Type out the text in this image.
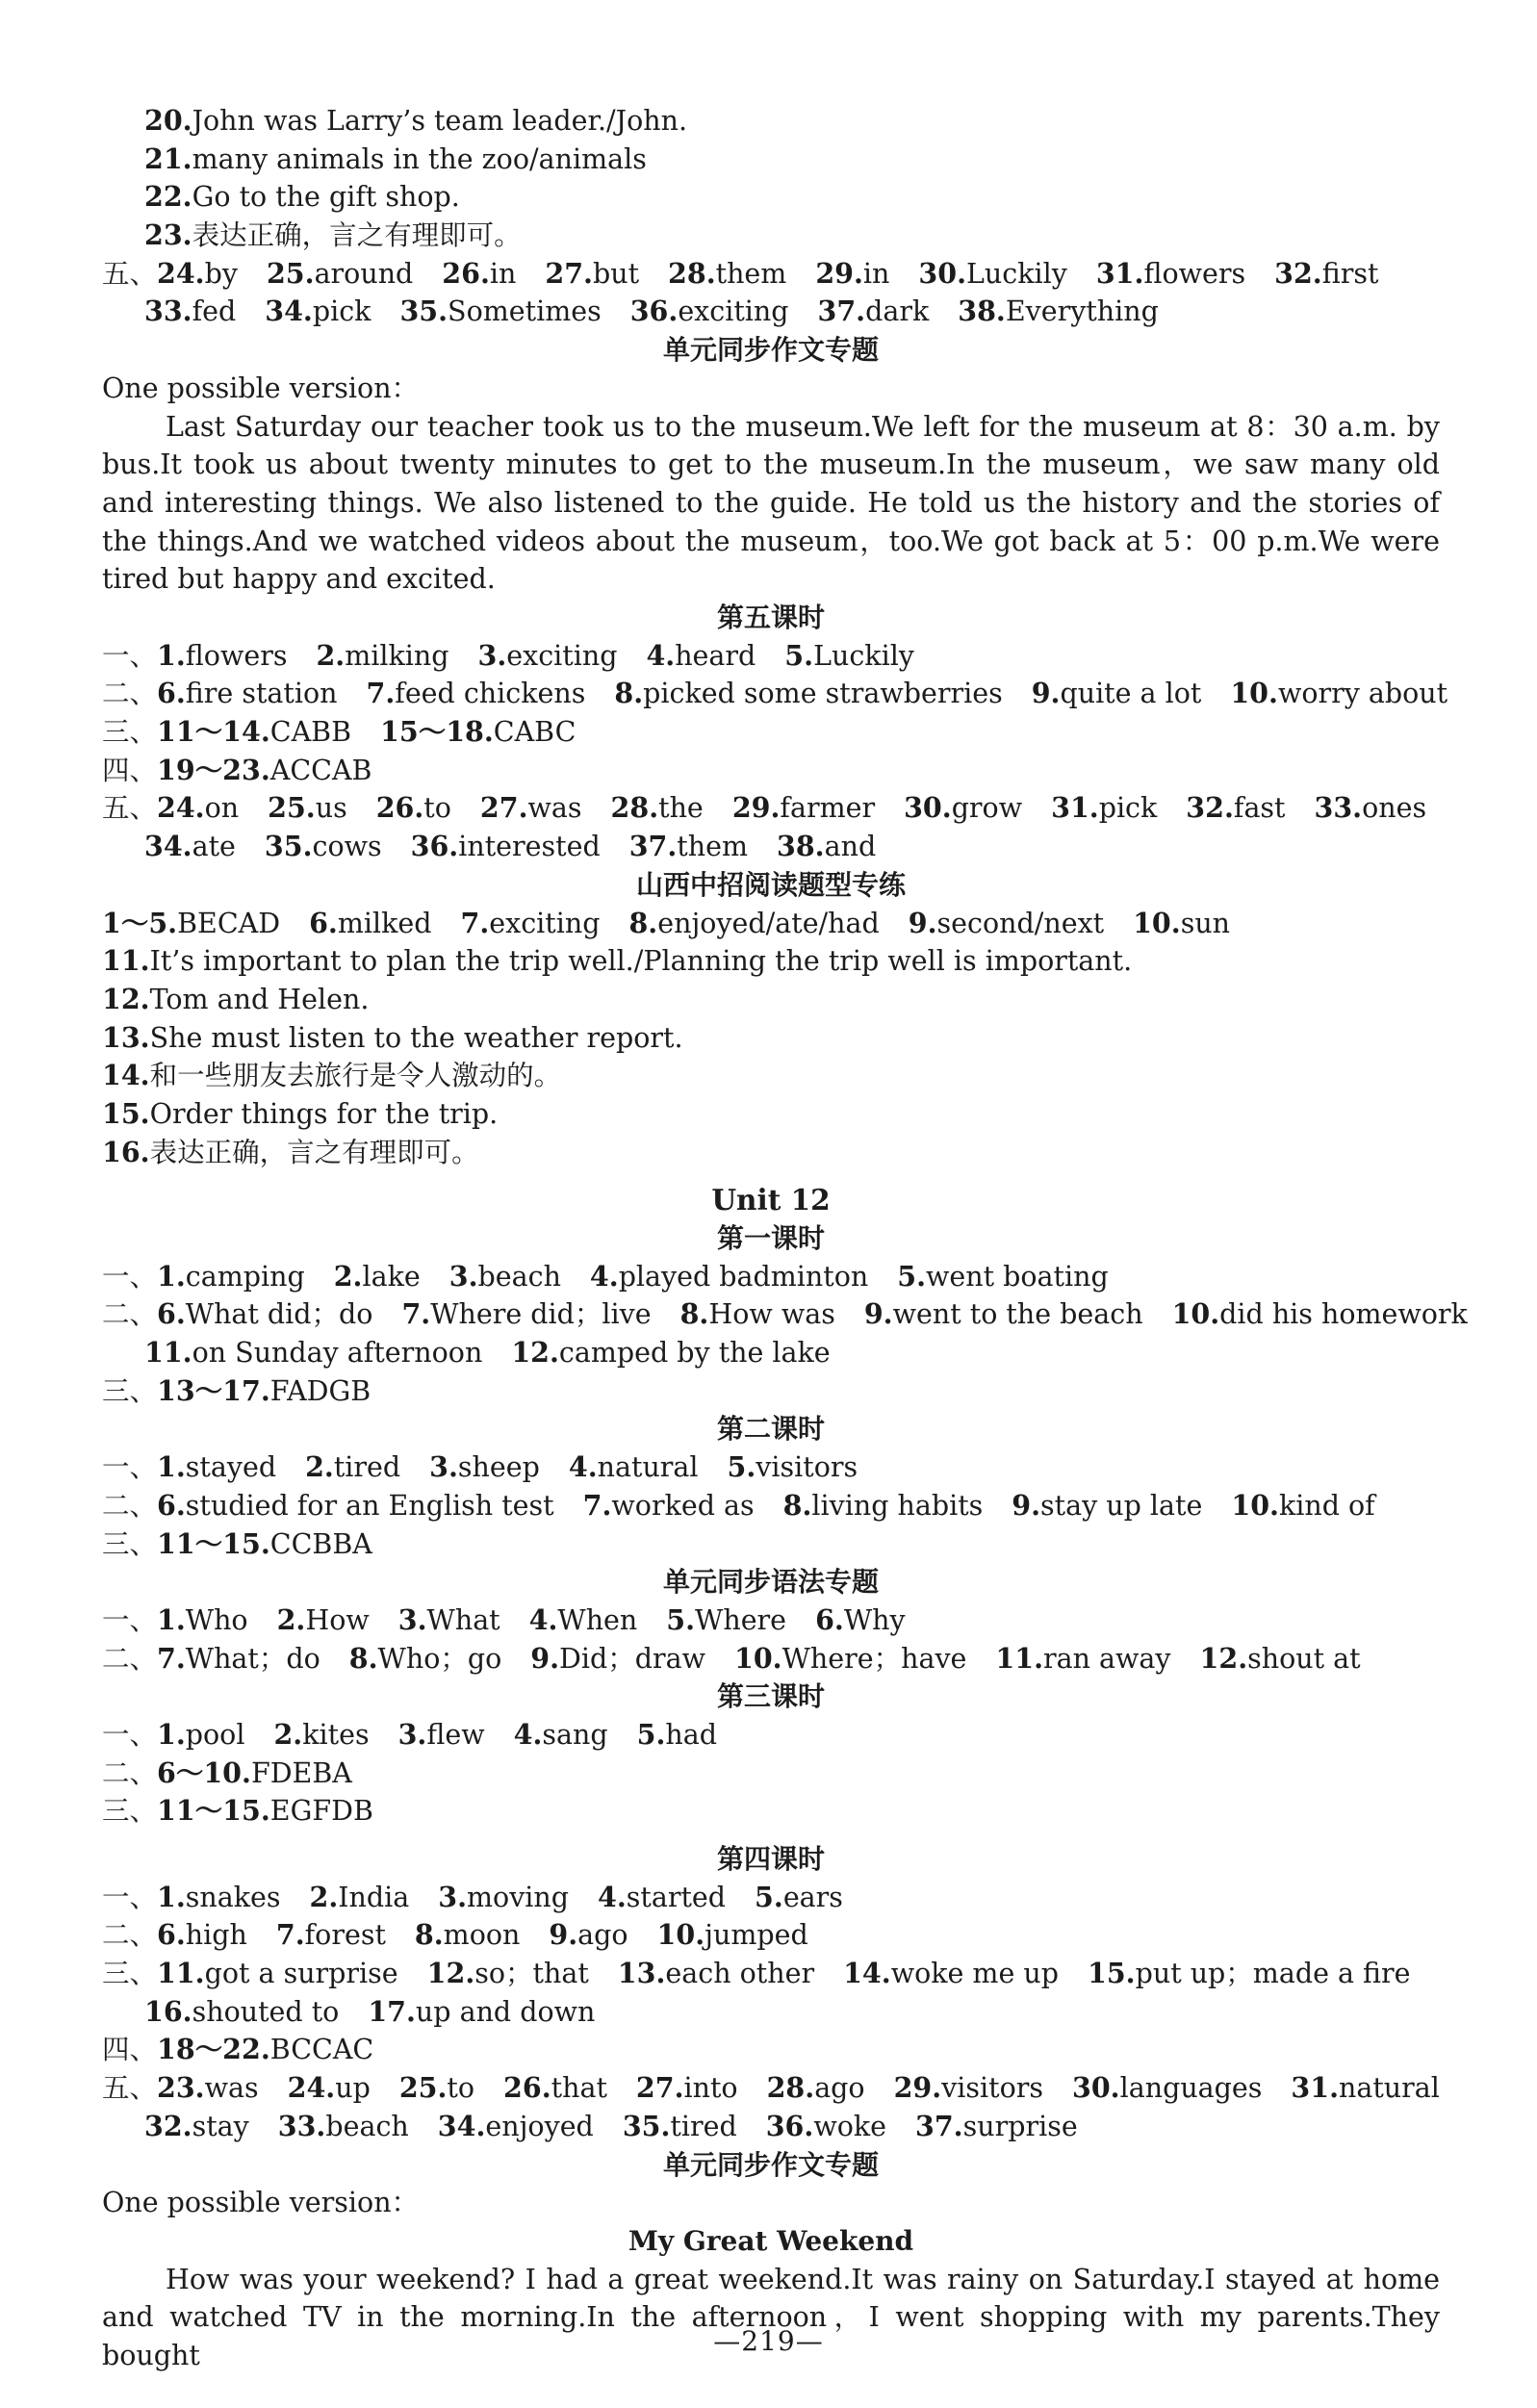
20.John was Larry’s team leader./John.
21.many animals in the zoo/animals
22.Go to the gift shop.
23.表达正确，言之有理即可。
五、24.by 25.around 26.in 27.but 28.them 29.in 30.Luckily 31.flowers 32.first
33.fed 34.pick 35.Sometimes 36.exciting 37.dark 38.Everything
单元同步作文专题
One possible version：

Last Saturday our teacher took us to the museum.We left for the museum at 8：30 a.m. by bus.It took us about twenty minutes to get to the museum.In the museum，we saw many old and interesting things. We also listened to the guide. He told us the history and the stories of the things.And we watched videos about the museum，too.We got back at 5：00 p.m.We were tired but happy and excited.

第五课时
一、1.flowers 2.milking 3.exciting 4.heard 5.Luckily
二、6.fire station 7.feed chickens 8.picked some strawberries 9.quite a lot 10.worry about
三、11～14.CABB 15～18.CABC
四、19～23.ACCAB
五、24.on 25.us 26.to 27.was 28.the 29.farmer 30.grow 31.pick 32.fast 33.ones
34.ate 35.cows 36.interested 37.them 38.and
山西中招阅读题型专练
1～5.BECAD 6.milked 7.exciting 8.enjoyed/ate/had 9.second/next 10.sun
11.It’s important to plan the trip well./Planning the trip well is important.
12.Tom and Helen.
13.She must listen to the weather report.
14.和一些朋友去旅行是令人激动的。
15.Order things for the trip.
16.表达正确，言之有理即可。
Unit 12
第一课时
一、1.camping 2.lake 3.beach 4.played badminton 5.went boating
二、6.What did；do 7.Where did；live 8.How was 9.went to the beach 10.did his homework
11.on Sunday afternoon 12.camped by the lake
三、13～17.FADGB
第二课时
一、1.stayed 2.tired 3.sheep 4.natural 5.visitors
二、6.studied for an English test 7.worked as 8.living habits 9.stay up late 10.kind of
三、11～15.CCBBA
单元同步语法专题
一、1.Who 2.How 3.What 4.When 5.Where 6.Why
二、7.What；do 8.Who；go 9.Did；draw 10.Where；have 11.ran away 12.shout at
第三课时
一、1.pool 2.kites 3.flew 4.sang 5.had
二、6～10.FDEBA
三、11～15.EGFDB
第四课时
一、1.snakes 2.India 3.moving 4.started 5.ears
二、6.high 7.forest 8.moon 9.ago 10.jumped
三、11.got a surprise 12.so；that 13.each other 14.woke me up 15.put up；made a fire
16.shouted to 17.up and down
四、18～22.BCCAC
五、23.was 24.up 25.to 26.that 27.into 28.ago 29.visitors 30.languages 31.natural
32.stay 33.beach 34.enjoyed 35.tired 36.woke 37.surprise
单元同步作文专题
One possible version：
My Great Weekend

How was your weekend? I had a great weekend.It was rainy on Saturday.I stayed at home and watched TV in the morning.In the afternoon，I went shopping with my parents.They bought	—219—
